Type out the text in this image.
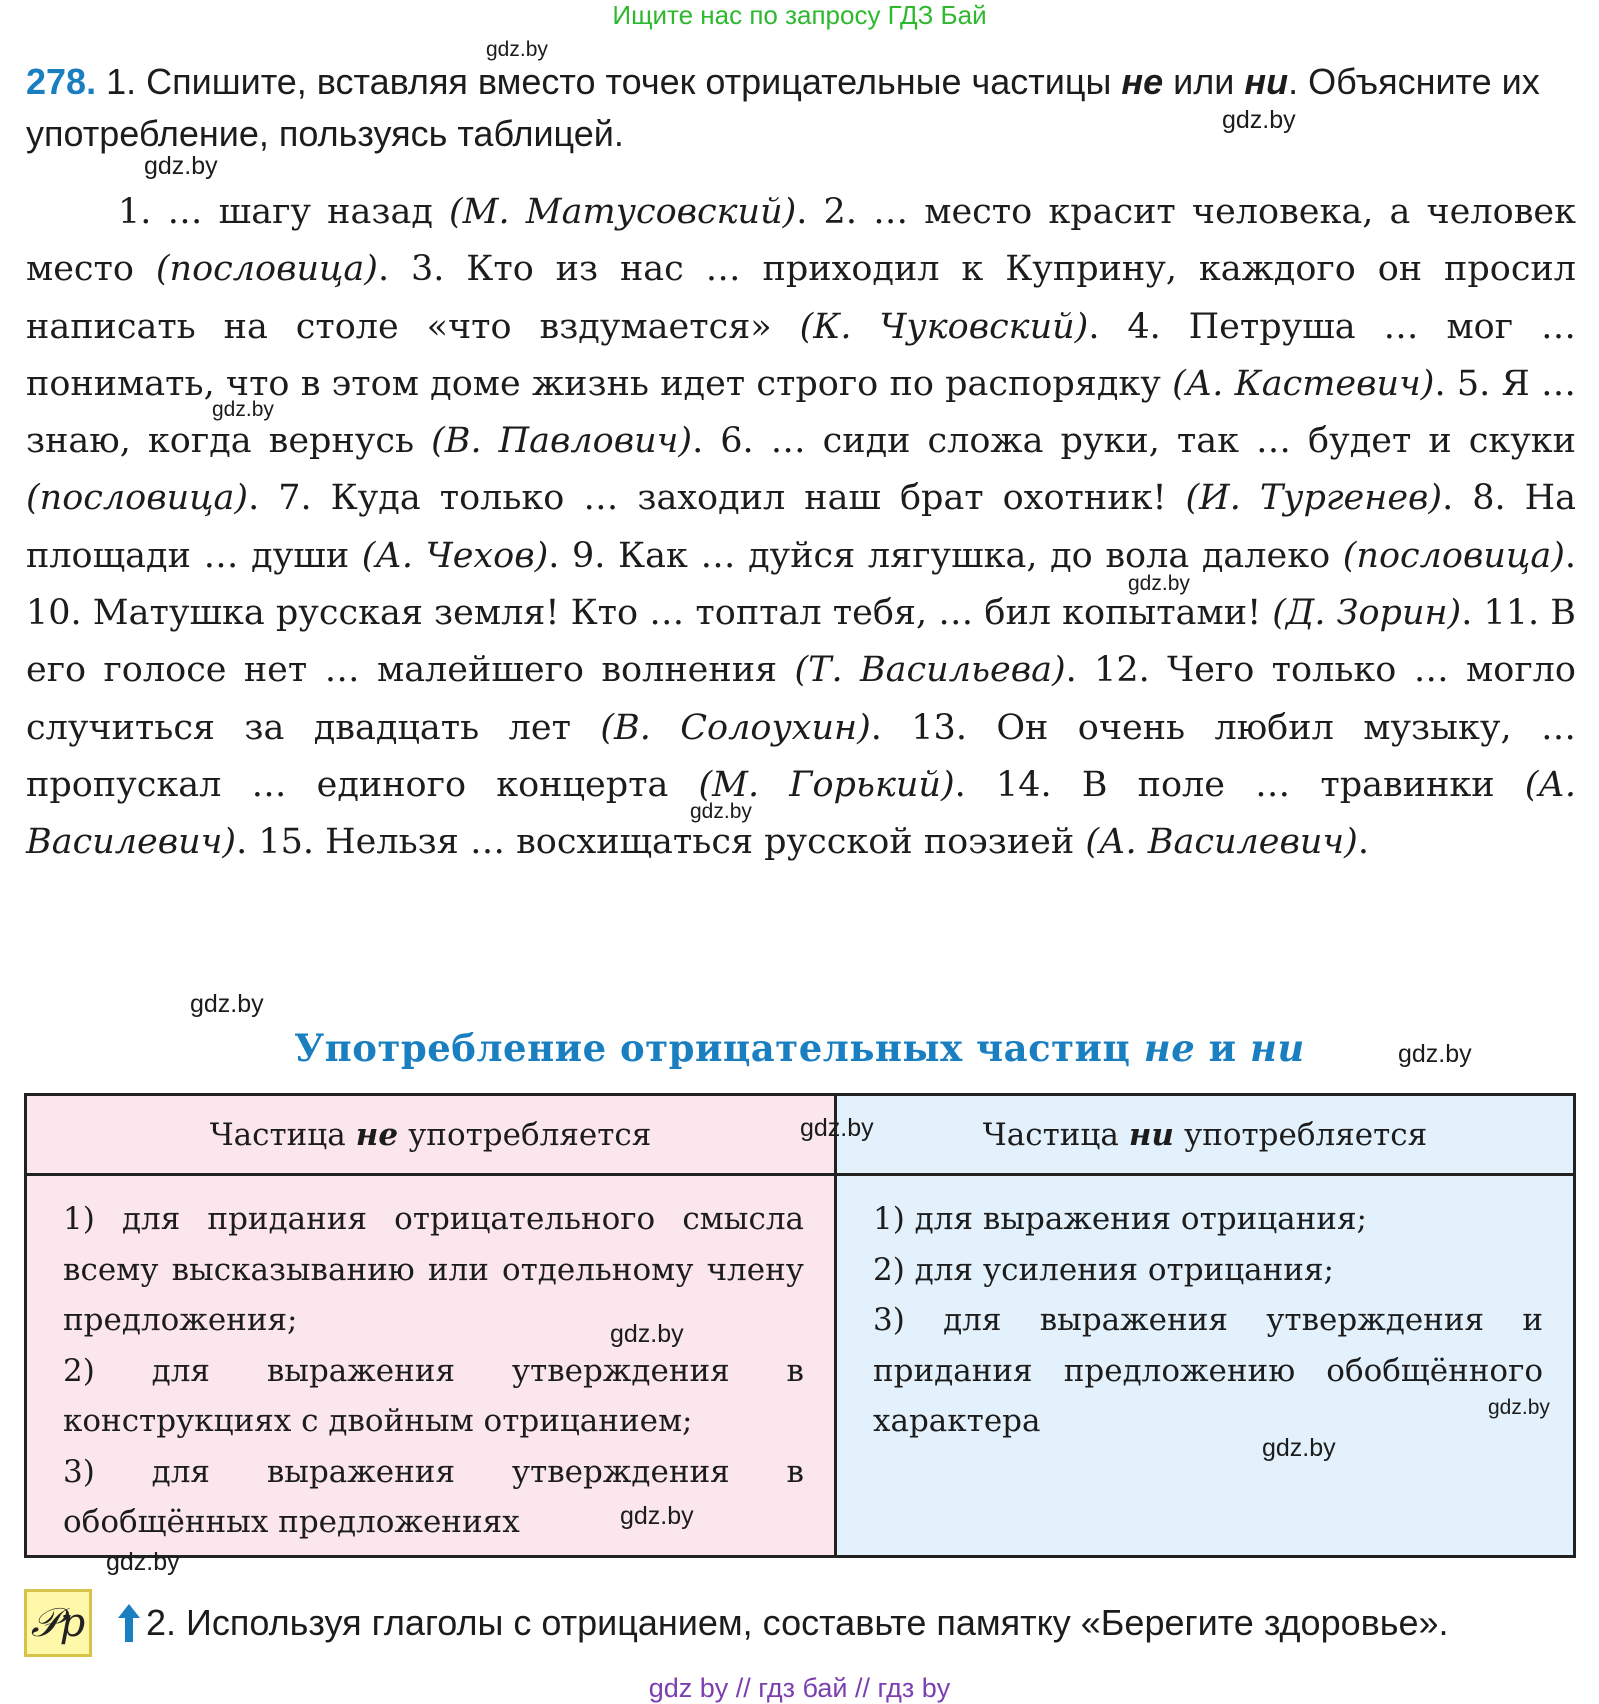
Ищите нас по запросу ГДЗ Бай
gdz.by
gdz.by
gdz.by
gdz.by
gdz.by
gdz.by
gdz.by
gdz.by
278. 1. Спишите, вставляя вместо точек отрицательные частицы не или ни. Объясните их употребление, пользуясь таблицей.

1. … шагу назад (М. Матусовский). 2. … место красит человека, а человек место (пословица). 3. Кто из нас … приходил к Куприну, каждого он просил написать на столе «что вздумается» (К. Чуковский). 4. Петруша … мог … понимать, что в этом доме жизнь идет строго по распорядку (А. Кастевич). 5. Я … знаю, когда вернусь (В. Павлович). 6. … сиди сложа руки, так … будет и скуки (пословица). 7. Куда только … заходил наш брат охотник! (И. Тургенев). 8. На площади … души (А. Чехов). 9. Как … дуйся лягушка, до вола далеко (пословица). 10. Матушка русская земля! Кто … топтал тебя, … бил копытами! (Д. Зорин). 11. В его голосе нет … малейшего волнения (Т. Васильева). 12. Чего только … могло случиться за двадцать лет (В. Солоухин). 13. Он очень любил музыку, … пропускал … единого концерта (М. Горький). 14. В поле … травинки (А. Василевич). 15. Нельзя … восхищаться русской поэзией (А. Василевич).

Употребление отрицательных частиц не и ни
Частица не употребляется

1) для придания отрицательного смысла всему высказыванию или отдельному члену предложения;

2) для выражения утверждения в конструкциях с двойным отрицанием;

3) для выражения утверждения в обобщённых предложениях

Частица ни употребляется

1) для выражения отрицания;

2) для усиления отрицания;

3) для выражения утверждения и придания предложению обобщённого характера

gdz.by
gdz.by
gdz.by
gdz.by
gdz.by
𝒫p 2. Используя глаголы с отрицанием, составьте памятку «Берегите здоровье».
gdz.by
gdz by // гдз бай // гдз by
